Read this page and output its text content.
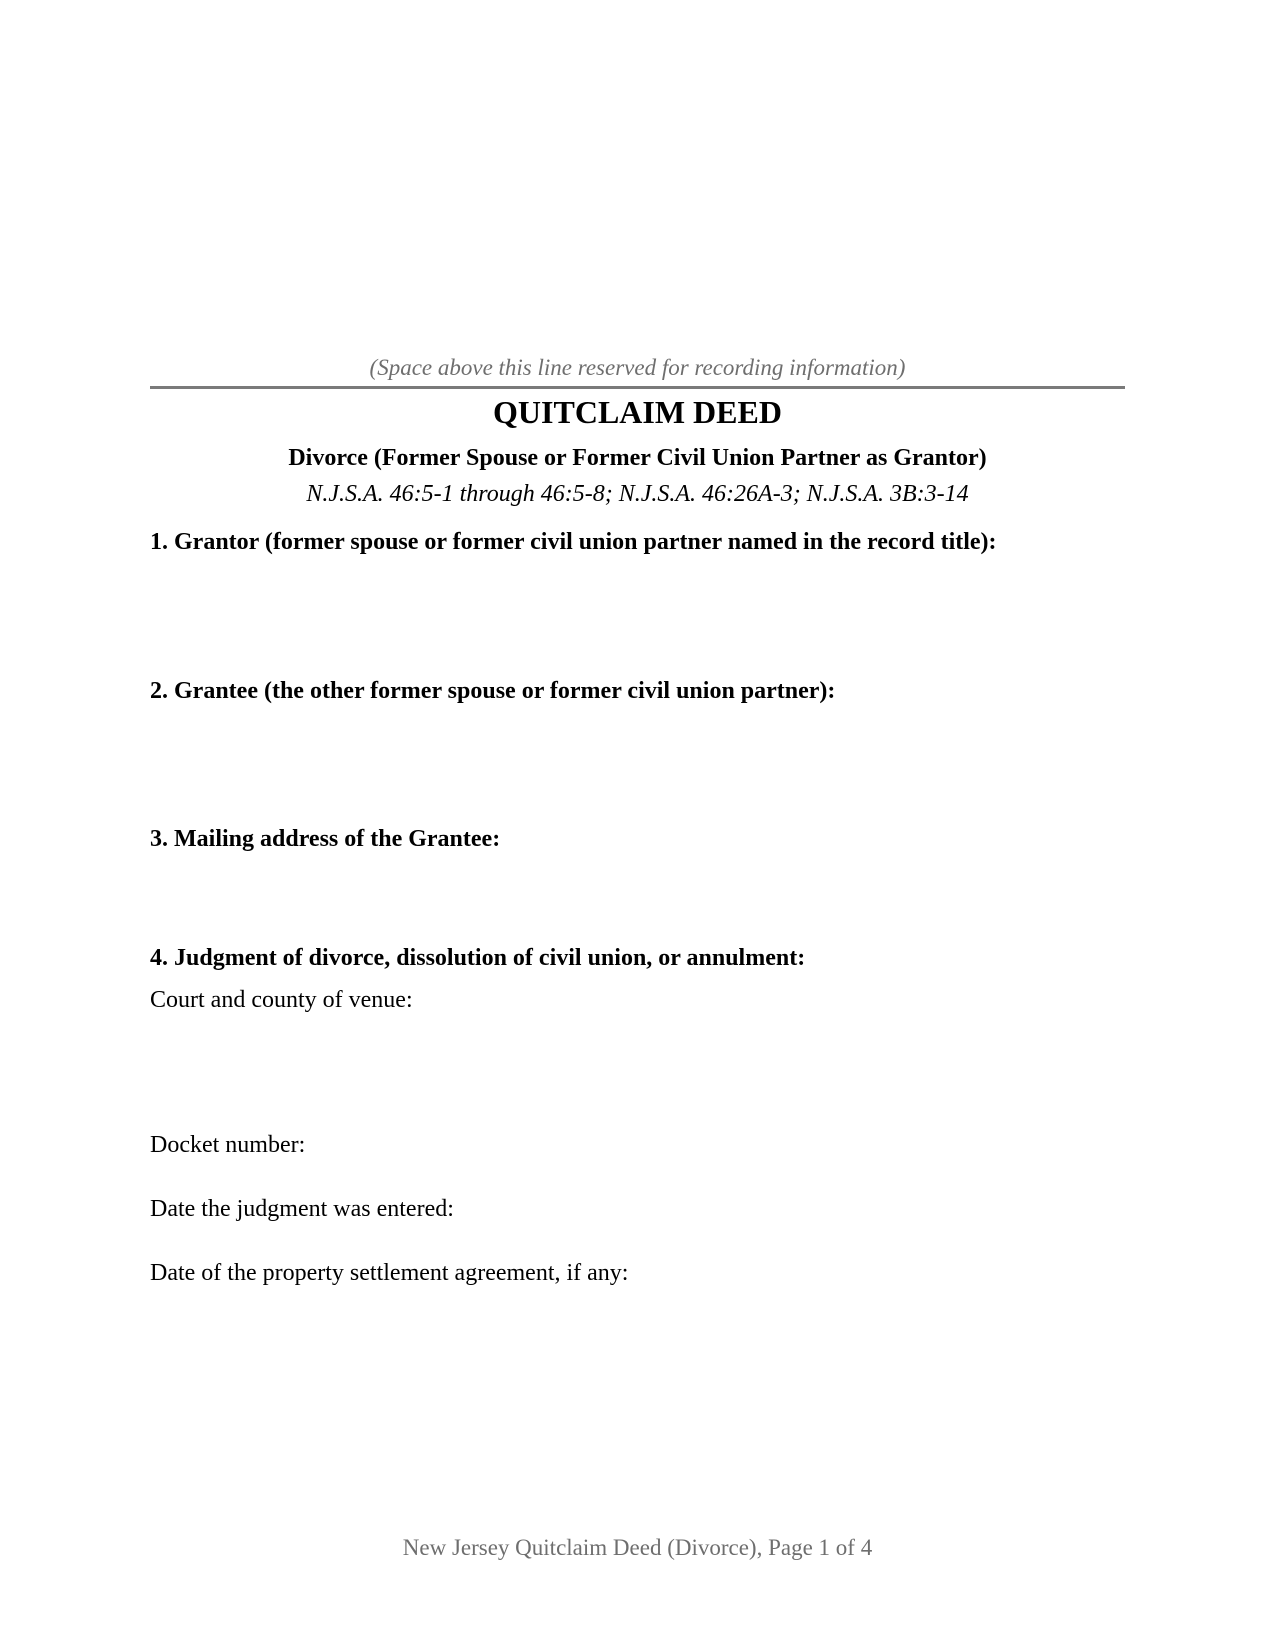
(Space above this line reserved for recording information)
QUITCLAIM DEED
Divorce (Former Spouse or Former Civil Union Partner as Grantor)
N.J.S.A. 46:5-1 through 46:5-8; N.J.S.A. 46:26A-3; N.J.S.A. 3B:3-14
1. Grantor (former spouse or former civil union partner named in the record title):
2. Grantee (the other former spouse or former civil union partner):
3. Mailing address of the Grantee:
4. Judgment of divorce, dissolution of civil union, or annulment:
Court and county of venue:
Docket number:
Date the judgment was entered:
Date of the property settlement agreement, if any:
New Jersey Quitclaim Deed (Divorce), Page 1 of 4
